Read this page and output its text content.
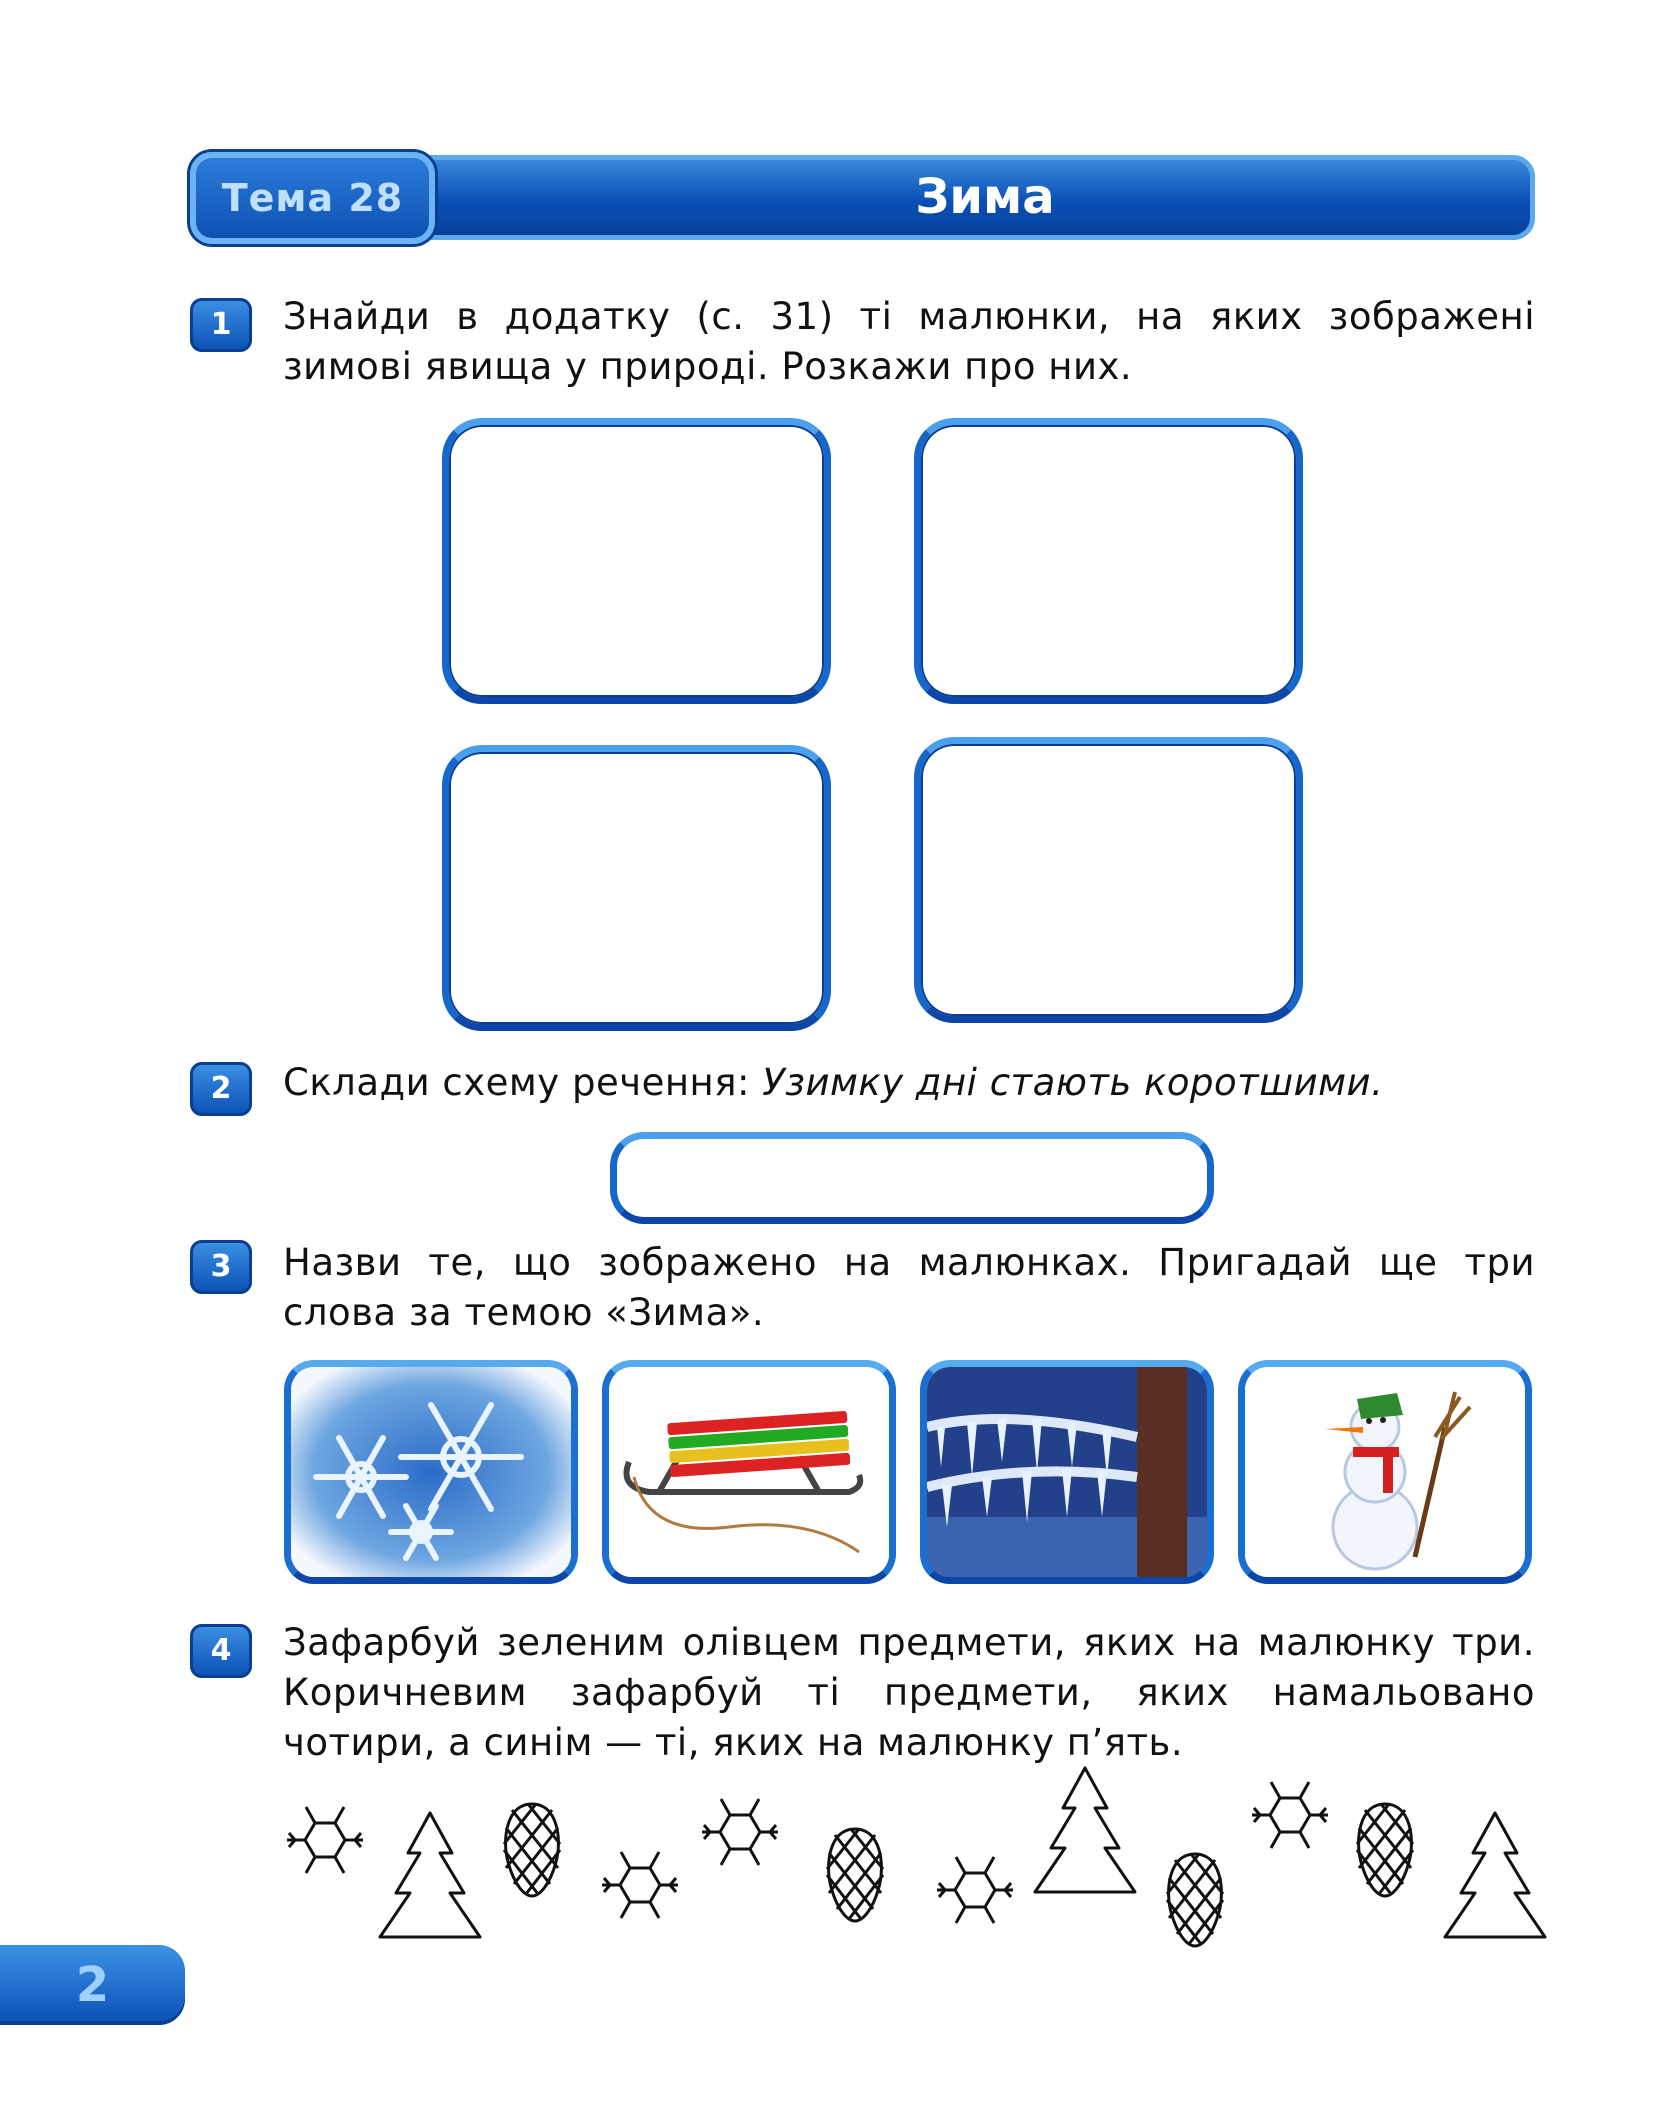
Тема 28	Зима
1	Знайди в додатку (с. 31) ті малюнки, на яких зображені зимові явища у природі. Розкажи про них.
2	Склади схему речення: Узимку дні стають коротшими.
3	Назви те, що зображено на малюнках. Пригадай ще три слова за темою «Зима».
4	Зафарбуй зеленим олівцем предмети, яких на малюнку три. Коричневим зафарбуй ті предмети, яких намальовано чотири, а синім — ті, яких на малюнку п’ять.
2
